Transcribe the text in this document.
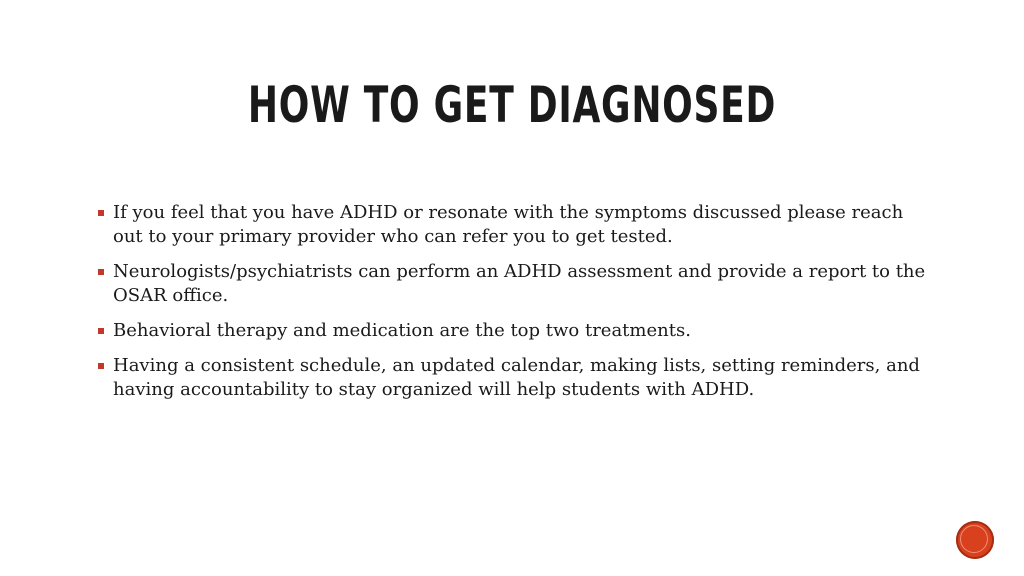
HOW TO GET DIAGNOSED
If you feel that you have ADHD or resonate with the symptoms discussed please reach out to your primary provider who can refer you to get tested.
Neurologists/psychiatrists can perform an ADHD assessment and provide a report to the OSAR office.
Behavioral therapy and medication are the top two treatments.
Having a consistent schedule, an updated calendar, making lists, setting reminders, and having accountability to stay organized will help students with ADHD.
